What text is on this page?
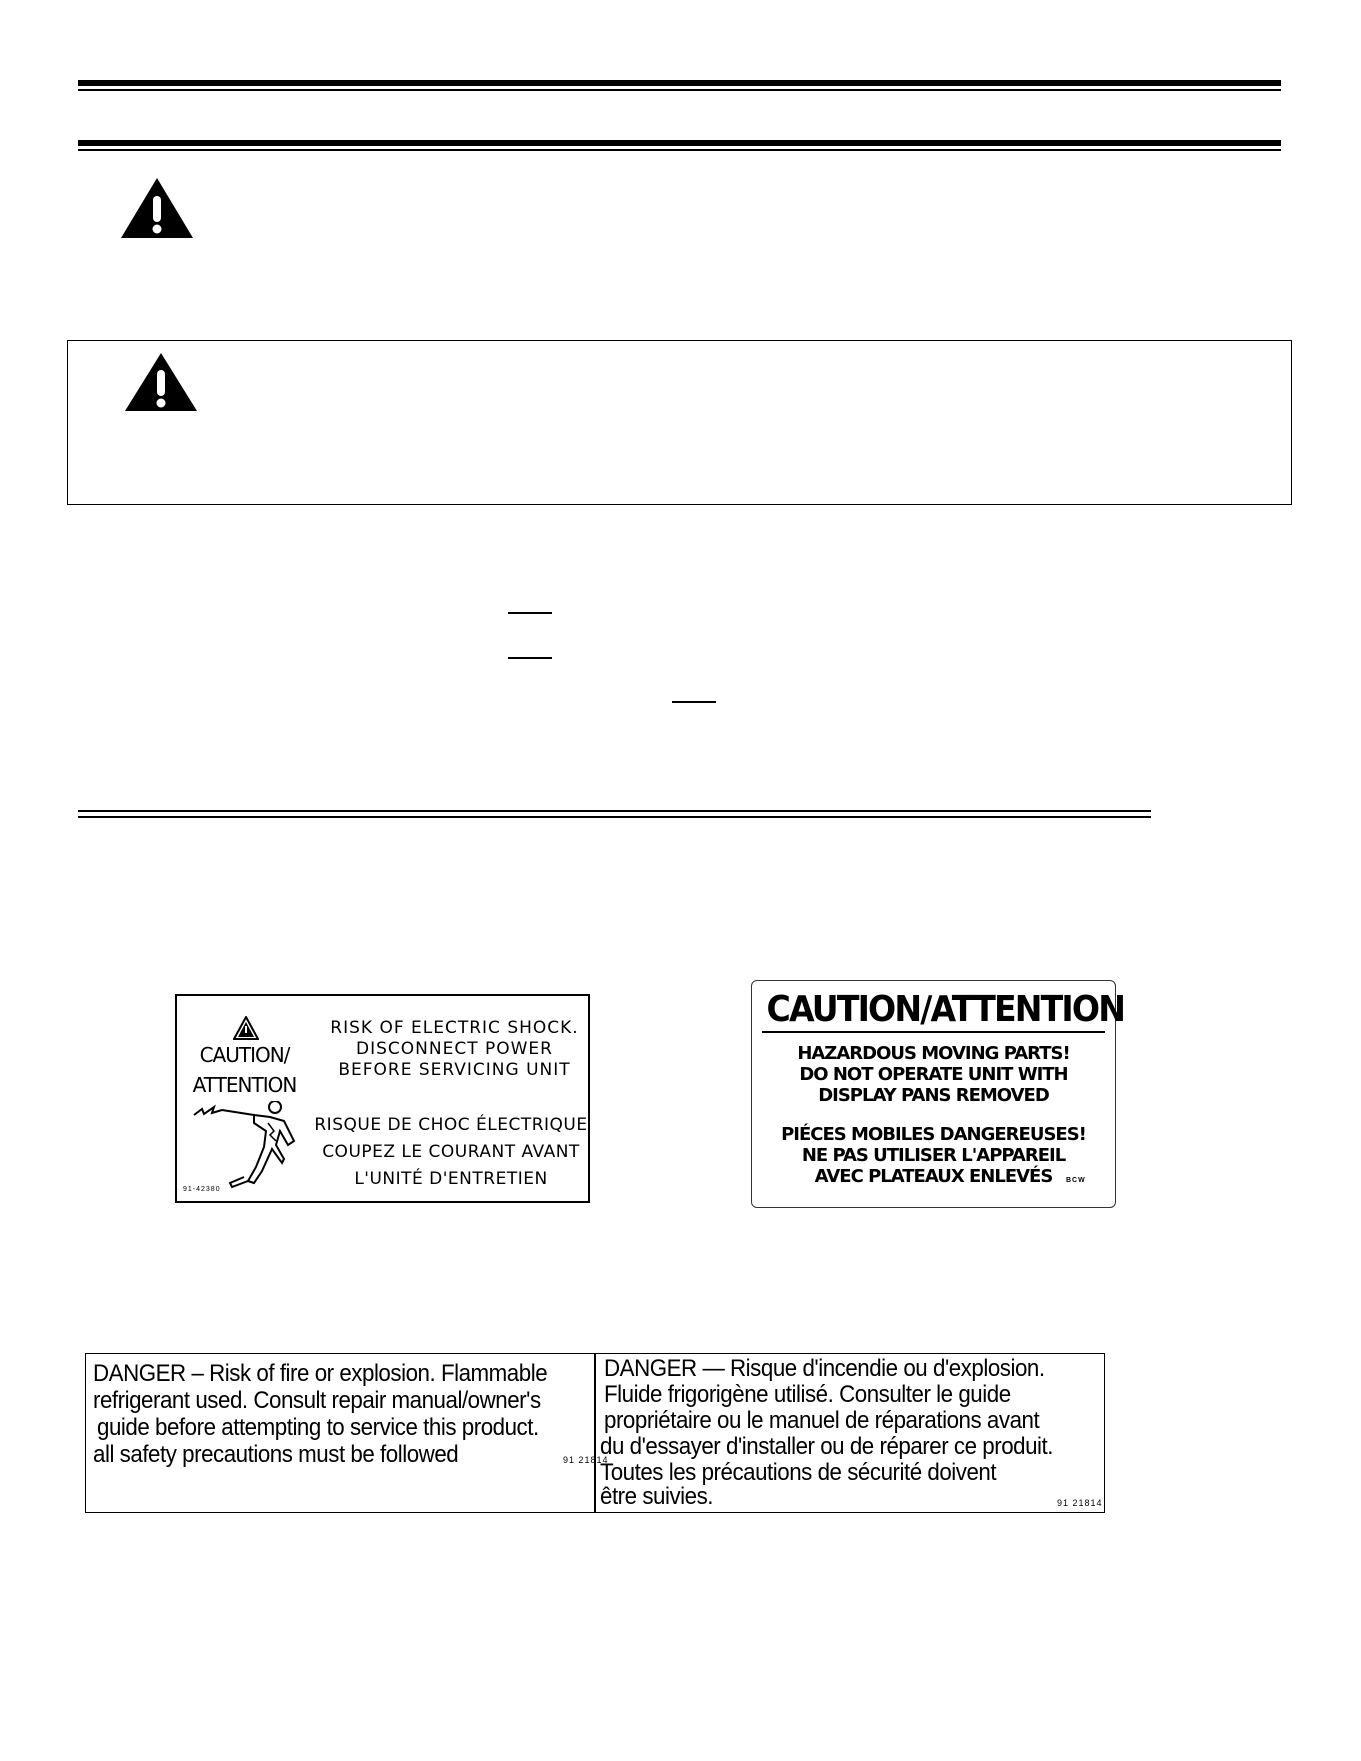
CAUTION/
ATTENTION
RISK OF ELECTRIC SHOCK.
DISCONNECT POWER
BEFORE SERVICING UNIT
RISQUE DE CHOC ÉLECTRIQUE
COUPEZ LE COURANT AVANT
L'UNITÉ D'ENTRETIEN
91-42380
CAUTION/ATTENTION
HAZARDOUS MOVING PARTS!
DO NOT OPERATE UNIT WITH
DISPLAY PANS REMOVED
PIÉCES MOBILES DANGEREUSES!
NE PAS UTILISER L'APPAREIL
AVEC PLATEAUX ENLEVÉS	BCW
DANGER – Risk of fire or explosion. Flammable
refrigerant used. Consult repair manual/owner's
guide before attempting to service this product.
all safety precautions must be followed	91 21814
DANGER — Risque d'incendie ou d'explosion.
Fluide frigorigène utilisé. Consulter le guide
propriétaire ou le manuel de réparations avant
du d'essayer d'installer ou de réparer ce produit.
Toutes les précautions de sécurité doivent
être suivies.	91 21814
